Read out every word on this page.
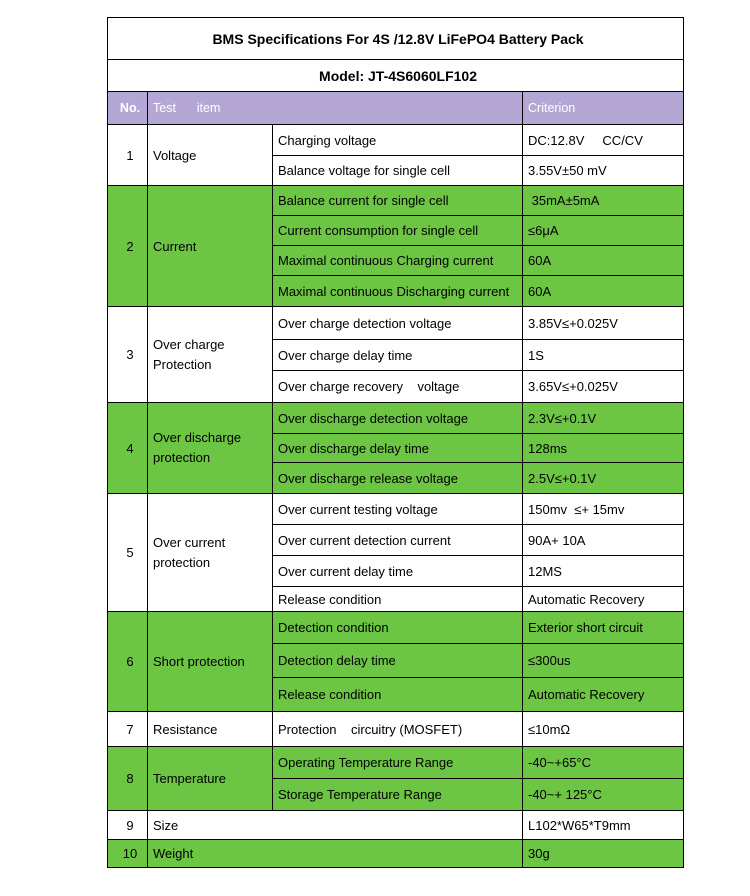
BMS Specifications For 4S /12.8V LiFePO4 Battery Pack			
Model: JT-4S6060LF102			
No.	Test      item		Criterion
1	Voltage	Charging voltage	DC:12.8V     CC/CV
		Balance voltage for single cell	3.55V±50 mV
2	Current	Balance current for single cell	35mA±5mA
		Current consumption for single cell	≤6μA
		Maximal continuous Charging current	60A
		Maximal continuous Discharging current	60A
3	Over charge Protection	Over charge detection voltage	3.85V≤+0.025V
		Over charge delay time	1S
		Over charge recovery    voltage	3.65V≤+0.025V
4	Over discharge protection	Over discharge detection voltage	2.3V≤+0.1V
		Over discharge delay time	128ms
		Over discharge release voltage	2.5V≤+0.1V
5	Over current protection	Over current testing voltage	150mv  ≤+ 15mv
		Over current detection current	90A+ 10A
		Over current delay time	12MS
		Release condition	Automatic Recovery
6	Short protection	Detection condition	Exterior short circuit
		Detection delay time	≤300us
		Release condition	Automatic Recovery
7	Resistance	Protection    circuitry (MOSFET)	≤10mΩ
8	Temperature	Operating Temperature Range	-40~+65°C
		Storage Temperature Range	-40~+ 125°C
9	Size		L102*W65*T9mm
10	Weight		30g
